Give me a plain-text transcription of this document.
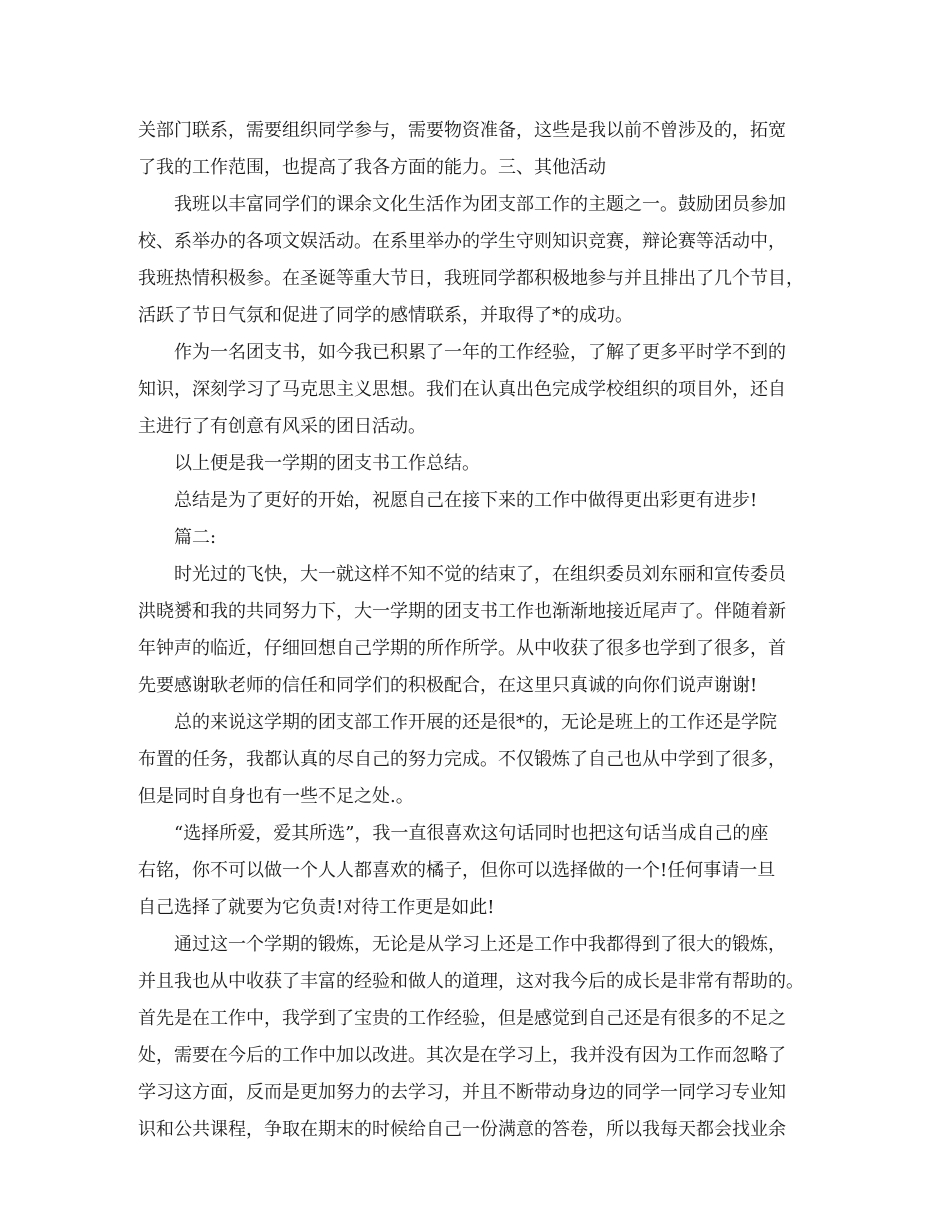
关部门联系，需要组织同学参与，需要物资准备，这些是我以前不曾涉及的，拓宽
了我的工作范围，也提高了我各方面的能力。三、其他活动
我班以丰富同学们的课余文化生活作为团支部工作的主题之一。鼓励团员参加
校、系举办的各项文娱活动。在系里举办的学生守则知识竞赛，辩论赛等活动中，
我班热情积极参。在圣诞等重大节日，我班同学都积极地参与并且排出了几个节目，
活跃了节日气氛和促进了同学的感情联系，并取得了*的成功。
作为一名团支书，如今我已积累了一年的工作经验，了解了更多平时学不到的
知识，深刻学习了马克思主义思想。我们在认真出色完成学校组织的项目外，还自
主进行了有创意有风采的团日活动。
以上便是我一学期的团支书工作总结。
总结是为了更好的开始，祝愿自己在接下来的工作中做得更出彩更有进步!
篇二:
时光过的飞快，大一就这样不知不觉的结束了，在组织委员刘东丽和宣传委员
洪晓赟和我的共同努力下，大一学期的团支书工作也渐渐地接近尾声了。伴随着新
年钟声的临近，仔细回想自己学期的所作所学。从中收获了很多也学到了很多，首
先要感谢耿老师的信任和同学们的积极配合，在这里只真诚的向你们说声谢谢!
总的来说这学期的团支部工作开展的还是很*的，无论是班上的工作还是学院
布置的任务，我都认真的尽自己的努力完成。不仅锻炼了自己也从中学到了很多，
但是同时自身也有一些不足之处.。
“选择所爱，爱其所选”，我一直很喜欢这句话同时也把这句话当成自己的座
右铭，你不可以做一个人人都喜欢的橘子，但你可以选择做的一个!任何事请一旦
自己选择了就要为它负责!对待工作更是如此!
通过这一个学期的锻炼，无论是从学习上还是工作中我都得到了很大的锻炼，
并且我也从中收获了丰富的经验和做人的道理，这对我今后的成长是非常有帮助的。
首先是在工作中，我学到了宝贵的工作经验，但是感觉到自己还是有很多的不足之
处，需要在今后的工作中加以改进。其次是在学习上，我并没有因为工作而忽略了
学习这方面，反而是更加努力的去学习，并且不断带动身边的同学一同学习专业知
识和公共课程，争取在期末的时候给自己一份满意的答卷，所以我每天都会找业余
